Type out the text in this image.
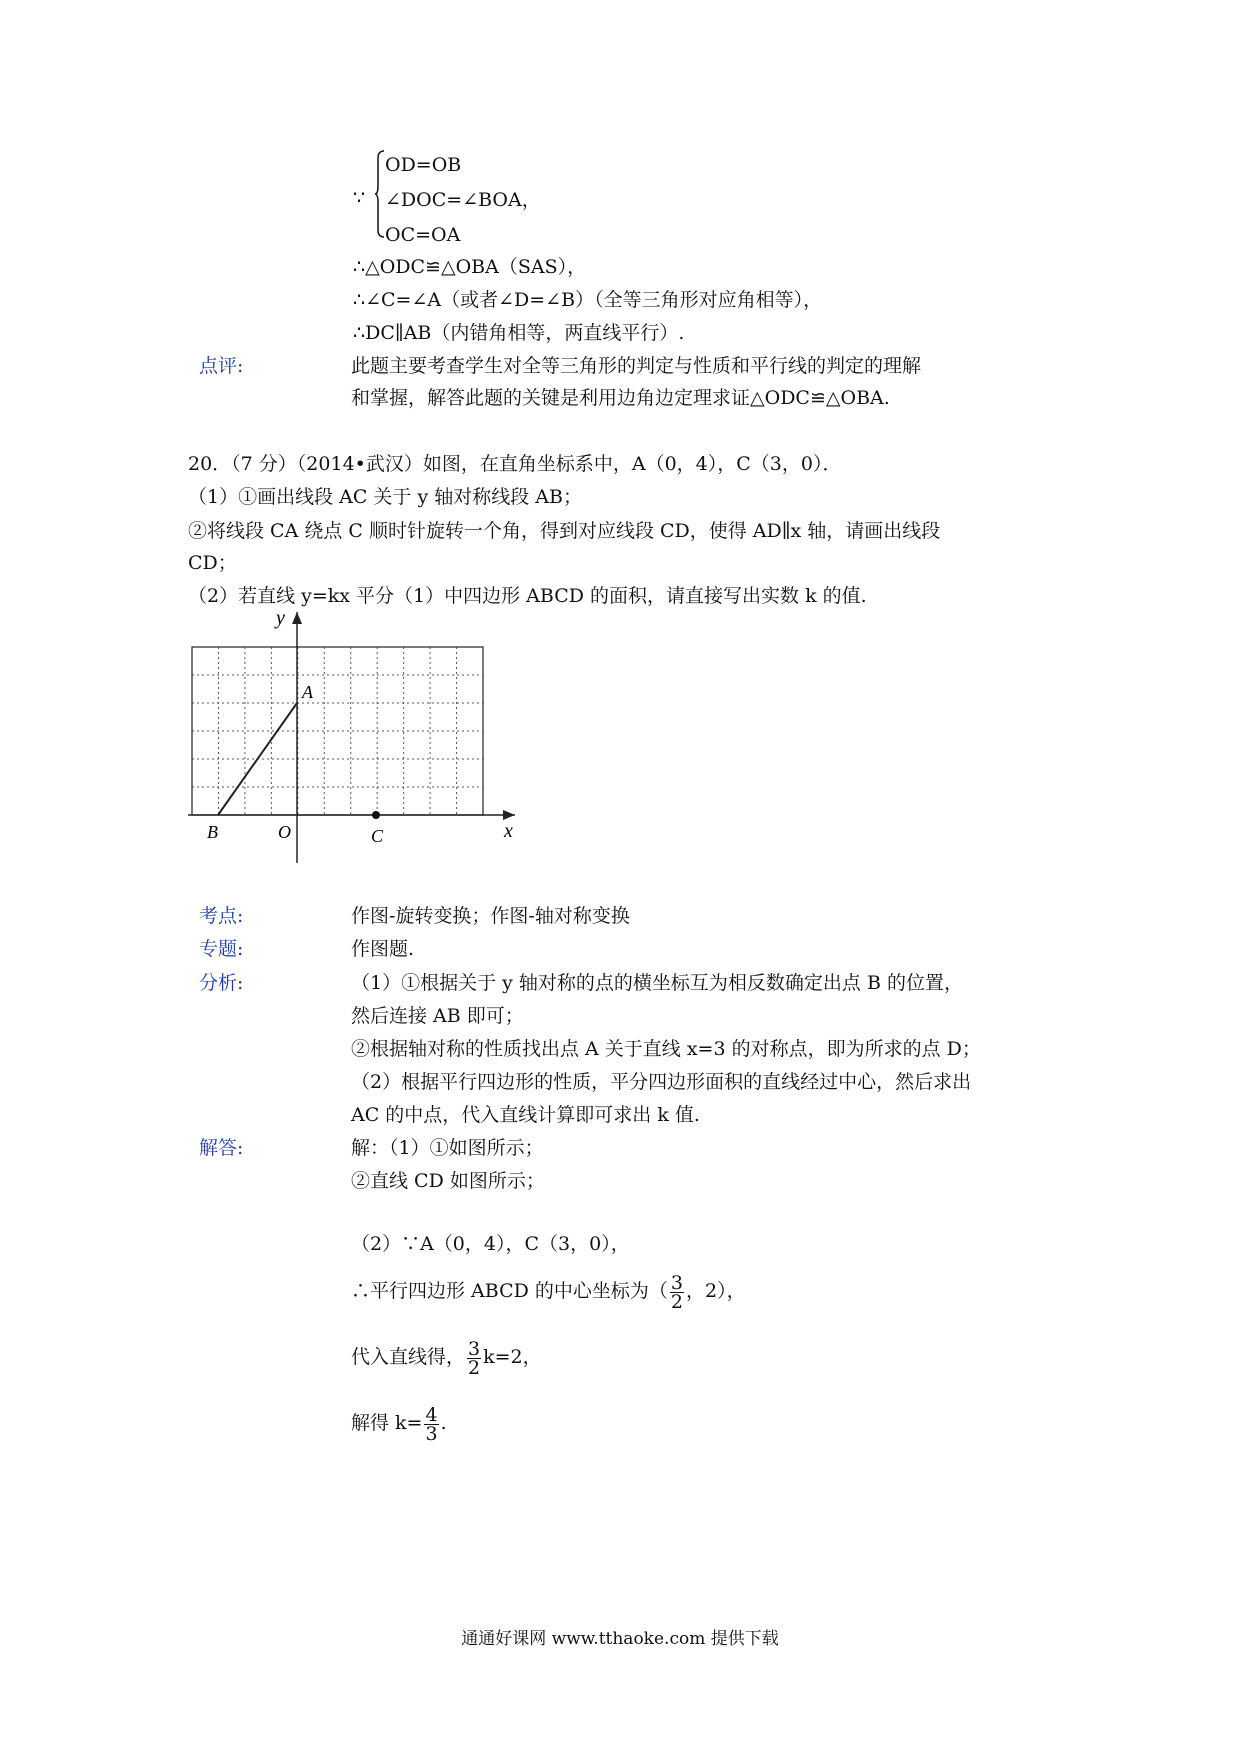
∵
OD=OB
∠DOC=∠BOA，
OC=OA
∴△ODC≌△OBA（SAS），
∴∠C=∠A（或者∠D=∠B）（全等三角形对应角相等），
∴DC∥AB（内错角相等，两直线平行）.
点评:	此题主要考查学生对全等三角形的判定与性质和平行线的判定的理解
和掌握，解答此题的关键是利用边角边定理求证△ODC≌△OBA.
20．（7 分）（2014•武汉）如图，在直角坐标系中，A（0，4），C（3，0）．
（1）①画出线段 AC 关于 y 轴对称线段 AB；
②将线段 CA 绕点 C 顺时针旋转一个角，得到对应线段 CD，使得 AD∥x 轴，请画出线段
CD；
（2）若直线 y=kx 平分（1）中四边形 ABCD 的面积，请直接写出实数 k 的值.
y
x
A
B	O	C
考点:	作图-旋转变换；作图-轴对称变换
专题:	作图题.
分析:	（1）①根据关于 y 轴对称的点的横坐标互为相反数确定出点 B 的位置，
然后连接 AB 即可；
②根据轴对称的性质找出点 A 关于直线 x=3 的对称点，即为所求的点 D；
（2）根据平行四边形的性质，平分四边形面积的直线经过中心，然后求出
AC 的中点，代入直线计算即可求出 k 值.
解答:	解：（1）①如图所示；
②直线 CD 如图所示；
（2）∵A（0，4），C（3，0），
∴平行四边形 ABCD 的中心坐标为（ $\frac{3}{2}$ ，2），
代入直线得， $\frac{3}{2} k=2$，
解得 $k= \frac{4}{3}$ .
通通好课网 www.tthaoke.com 提供下载
